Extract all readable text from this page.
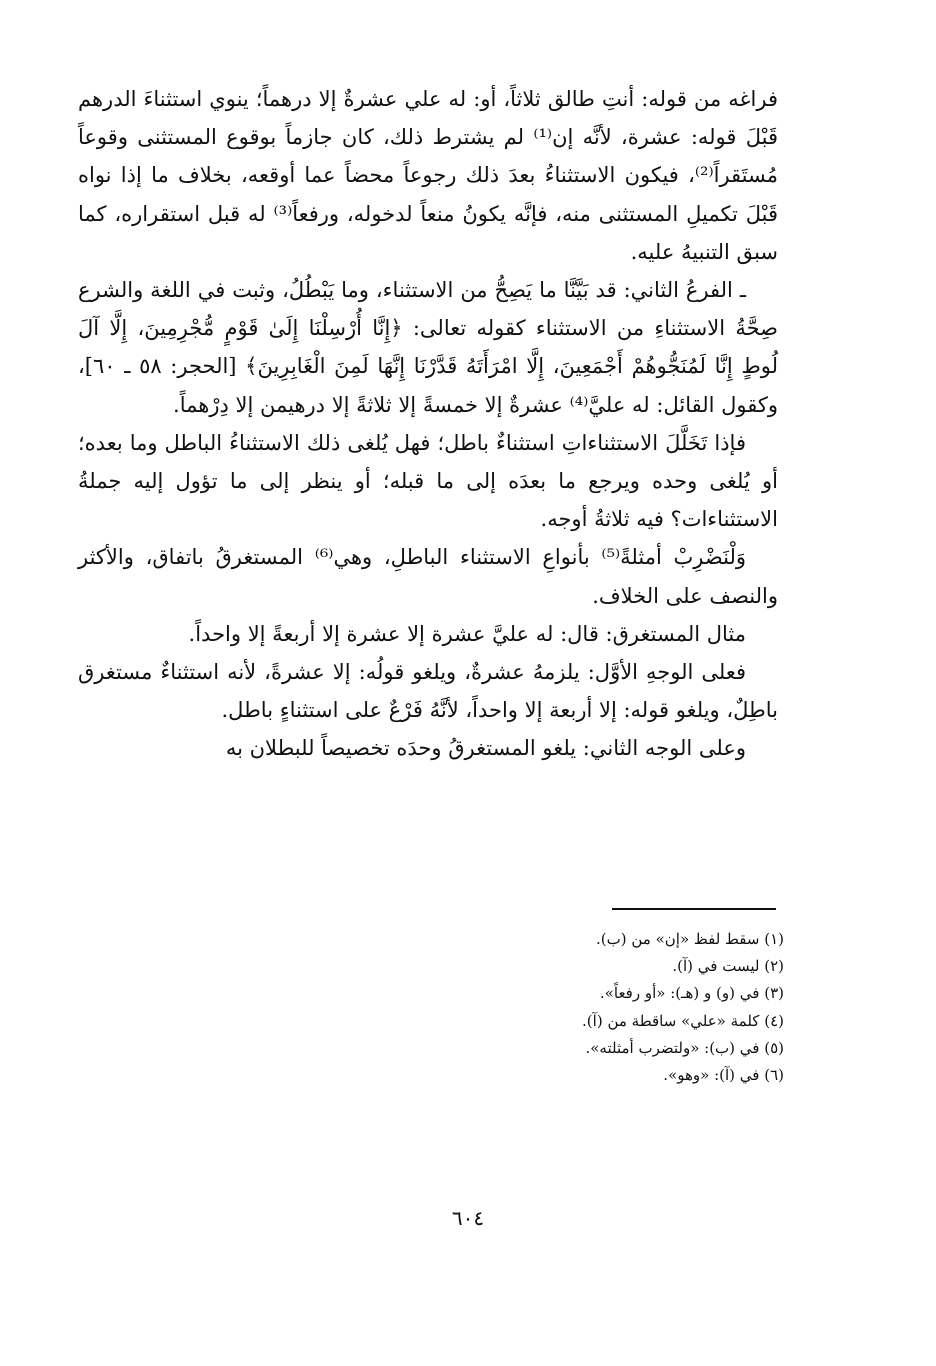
فراغه من قوله: أنتِ طالق ثلاثاً، أو: له علي عشرةٌ إلا درهماً؛ ينوي استثناءَ الدرهم قَبْلَ قوله: عشرة، لأنَّه إن⁽¹⁾ لم يشترط ذلك، كان جازماً بوقوع المستثنى وقوعاً مُستَقراً⁽²⁾، فيكون الاستثناءُ بعدَ ذلك رجوعاً محضاً عما أوقعه، بخلاف ما إذا نواه قَبْلَ تكميلِ المستثنى منه، فإنَّه يكونُ منعاً لدخوله، ورفعاً⁽³⁾ له قبل استقراره، كما سبق التنبيهُ عليه.

ـ الفرعُ الثاني: قد بَيَّنَّا ما يَصِحُّ من الاستثناء، وما يَبْطُلُ، وثبت في اللغة والشرع صِحَّةُ الاستثناءِ من الاستثناء كقوله تعالى: ﴿إِنَّا أُرْسِلْنَا إِلَىٰ قَوْمٍ مُّجْرِمِينَ، إِلَّا آلَ لُوطٍ إِنَّا لَمُنَجُّوهُمْ أَجْمَعِينَ، إِلَّا امْرَأَتَهُ قَدَّرْنَا إِنَّهَا لَمِنَ الْغَابِرِينَ﴾ [الحجر: ٥٨ ـ ٦٠]، وكقول القائل: له عليَّ⁽⁴⁾ عشرةٌ إلا خمسةً إلا ثلاثةً إلا درهيمن إلا دِرْهماً.

فإذا تَخَلَّلَ الاستثناءاتِ استثناءٌ باطل؛ فهل يُلغى ذلك الاستثناءُ الباطل وما بعده؛ أو يُلغى وحده ويرجع ما بعدَه إلى ما قبله؛ أو ينظر إلى ما تؤول إليه جملةُ الاستثناءات؟ فيه ثلاثةُ أوجه.

وَلْنَضْرِبْ أمثلةً⁽⁵⁾ بأنواعِ الاستثناء الباطلِ، وهي⁽⁶⁾ المستغرقُ باتفاق، والأكثر والنصف على الخلاف.

مثال المستغرق: قال: له عليَّ عشرة إلا عشرة إلا أربعةً إلا واحداً.

فعلى الوجهِ الأوَّل: يلزمهُ عشرةٌ، ويلغو قولُه: إلا عشرةً، لأنه استثناءٌ مستغرق باطِلٌ، ويلغو قوله: إلا أربعة إلا واحداً، لأنَّهُ فَرْعٌ على استثناءٍ باطل.

وعلى الوجه الثاني: يلغو المستغرقُ وحدَه تخصيصاً للبطلان به

(١) سقط لفظ «إن» من (ب).
(٢) ليست في (آ).
(٣) في (و) و (هـ): «أو رفعاً».
(٤) كلمة «علي» ساقطة من (آ).
(٥) في (ب): «ولتضرب أمثلته».
(٦) في (آ): «وهو».
٦٠٤
